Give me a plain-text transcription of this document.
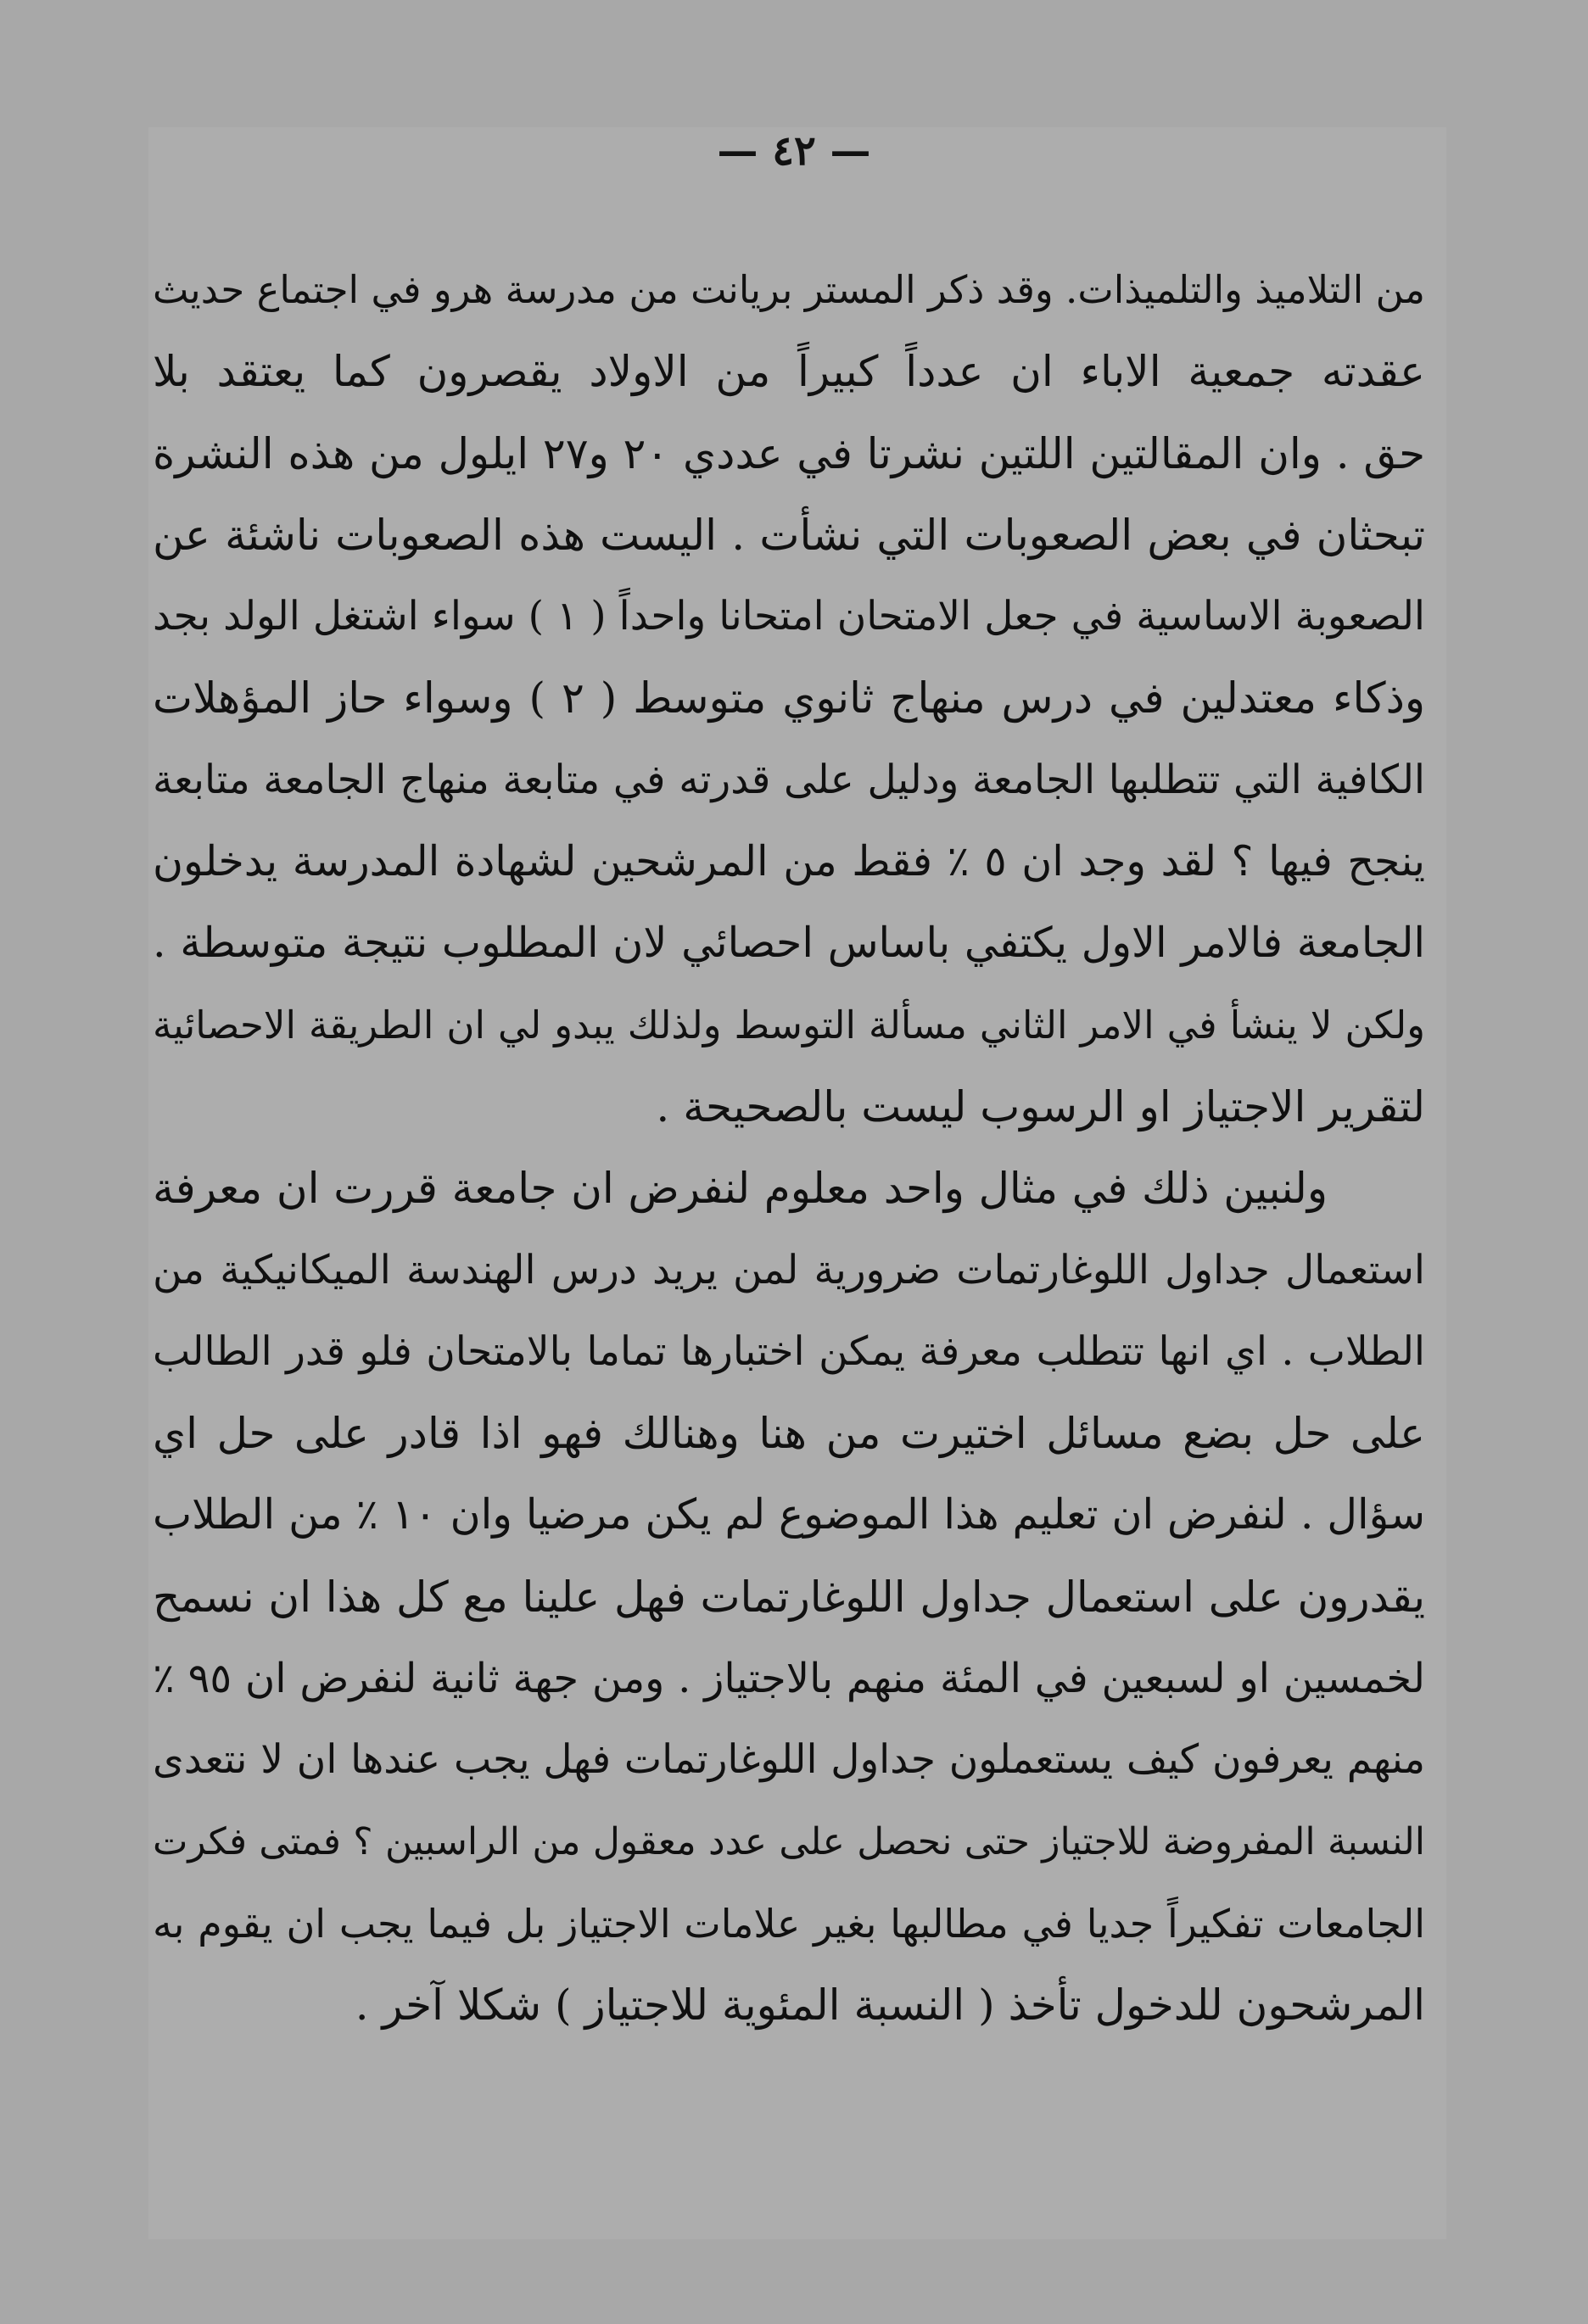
— ٤٢ —
من التلاميذ والتلميذات. وقد ذكر المستر بريانت من مدرسة هرو في اجتماع حديث
عقدته جمعية الاباء ان عدداً كبيراً من الاولاد يقصرون كما يعتقد بلا
حق . وان المقالتين اللتين نشرتا في عددي ٢٠ و٢٧ ايلول من هذه النشرة
تبحثان في بعض الصعوبات التي نشأت . اليست هذه الصعوبات ناشئة عن
الصعوبة الاساسية في جعل الامتحان امتحانا واحداً ( ١ ) سواء اشتغل الولد بجد
وذكاء معتدلين في درس منهاج ثانوي متوسط ( ٢ ) وسواء حاز المؤهلات
الكافية التي تتطلبها الجامعة ودليل على قدرته في متابعة منهاج الجامعة متابعة
ينجح فيها ؟ لقد وجد ان ٥ ٪ فقط من المرشحين لشهادة المدرسة يدخلون
الجامعة فالامر الاول يكتفي باساس احصائي لان المطلوب نتيجة متوسطة .
ولكن لا ينشأ في الامر الثاني مسألة التوسط ولذلك يبدو لي ان الطريقة الاحصائية
لتقرير الاجتياز او الرسوب ليست بالصحيحة .
ولنبين ذلك في مثال واحد معلوم لنفرض ان جامعة قررت ان معرفة
استعمال جداول اللوغارتمات ضرورية لمن يريد درس الهندسة الميكانيكية من
الطلاب . اي انها تتطلب معرفة يمكن اختبارها تماما بالامتحان فلو قدر الطالب
على حل بضع مسائل اختيرت من هنا وهنالك فهو اذا قادر على حل اي
سؤال . لنفرض ان تعليم هذا الموضوع لم يكن مرضيا وان ١٠ ٪ من الطلاب
يقدرون على استعمال جداول اللوغارتمات فهل علينا مع كل هذا ان نسمح
لخمسين او لسبعين في المئة منهم بالاجتياز . ومن جهة ثانية لنفرض ان ٩٥ ٪
منهم يعرفون كيف يستعملون جداول اللوغارتمات فهل يجب عندها ان لا نتعدى
النسبة المفروضة للاجتياز حتى نحصل على عدد معقول من الراسبين ؟ فمتى فكرت
الجامعات تفكيراً جديا في مطالبها بغير علامات الاجتياز بل فيما يجب ان يقوم به
المرشحون للدخول تأخذ ( النسبة المئوية للاجتياز ) شكلا آخر .
